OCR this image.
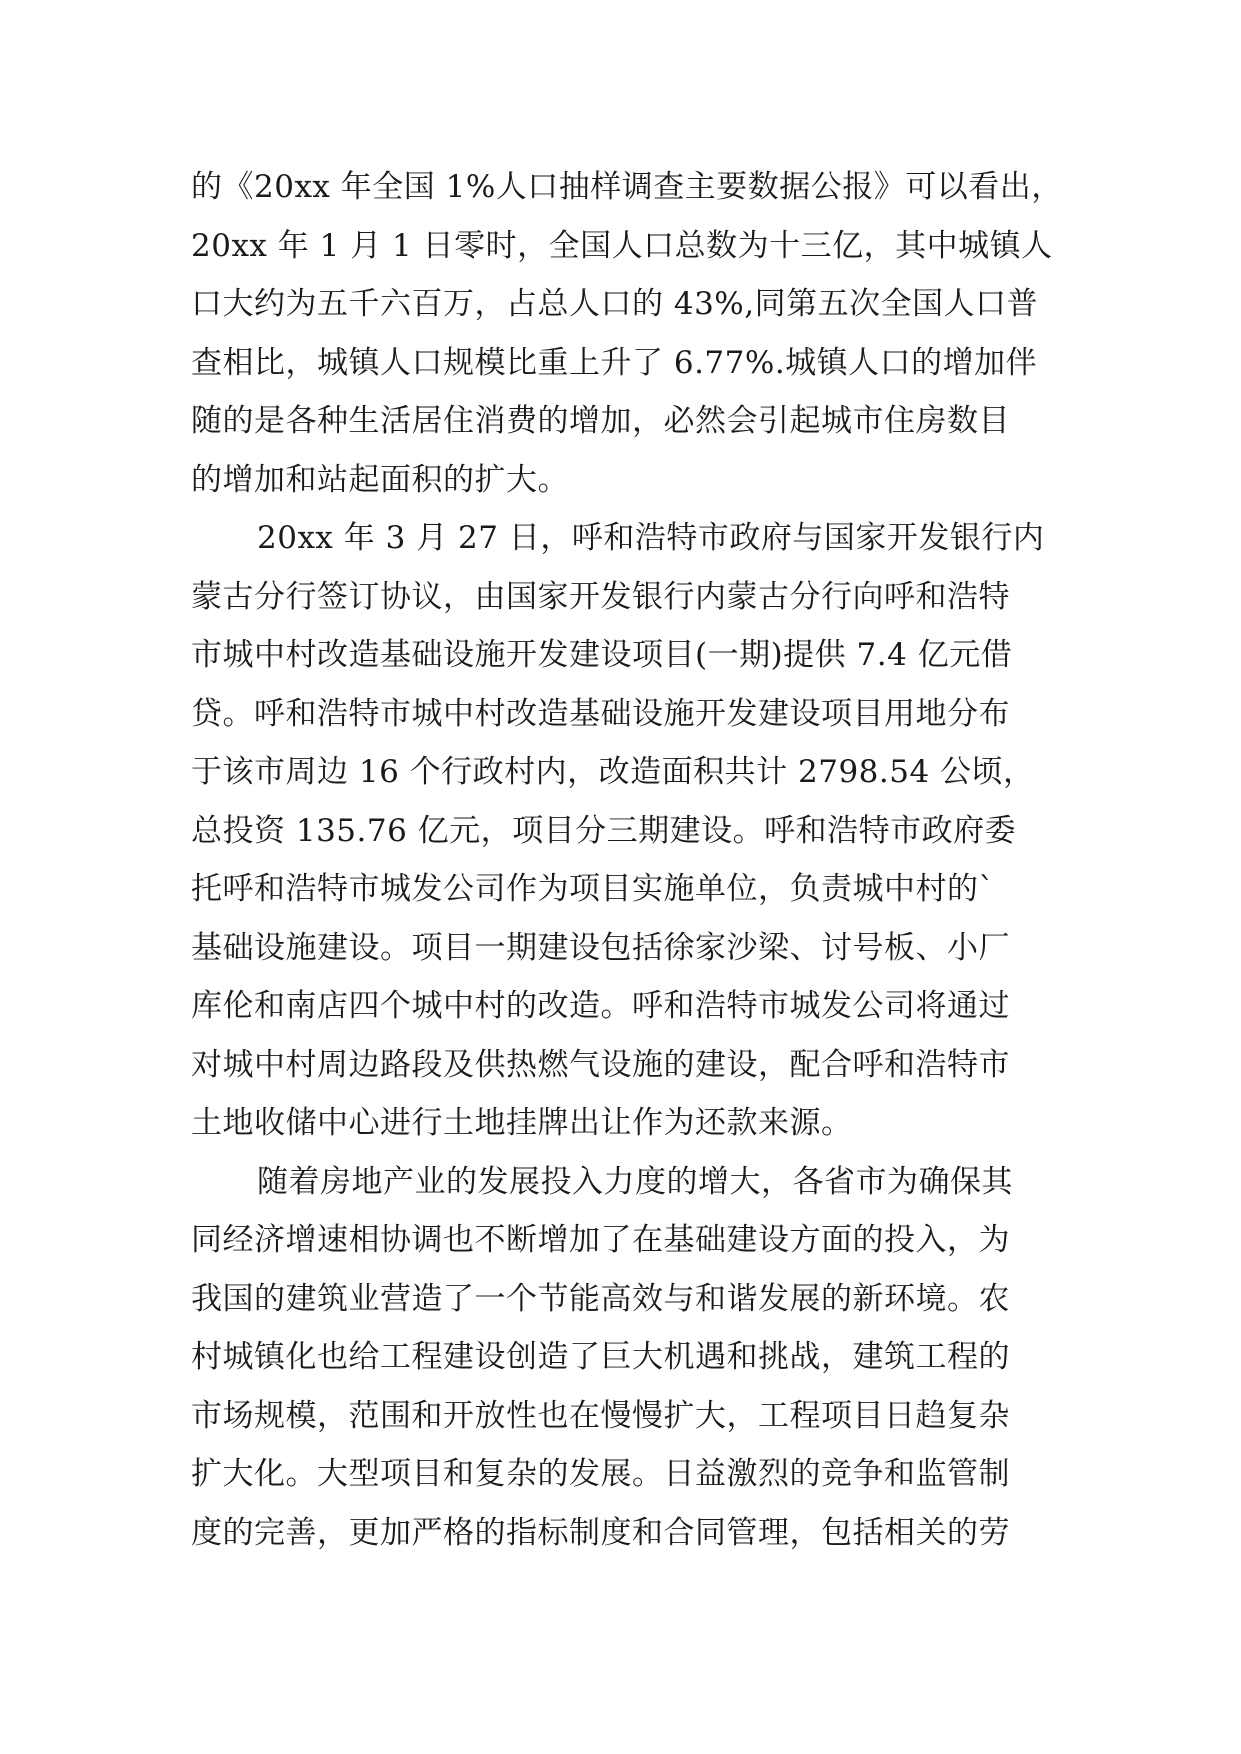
的《20xx 年全国 1%人口抽样调查主要数据公报》可以看出，
20xx 年 1 月 1 日零时，全国人口总数为十三亿，其中城镇人
口大约为五千六百万，占总人口的 43%,同第五次全国人口普
查相比，城镇人口规模比重上升了 6.77%.城镇人口的增加伴
随的是各种生活居住消费的增加，必然会引起城市住房数目
的增加和站起面积的扩大。
20xx 年 3 月 27 日，呼和浩特市政府与国家开发银行内
蒙古分行签订协议，由国家开发银行内蒙古分行向呼和浩特
市城中村改造基础设施开发建设项目(一期)提供 7.4 亿元借
贷。呼和浩特市城中村改造基础设施开发建设项目用地分布
于该市周边 16 个行政村内，改造面积共计 2798.54 公顷，
总投资 135.76 亿元，项目分三期建设。呼和浩特市政府委
托呼和浩特市城发公司作为项目实施单位，负责城中村的`
基础设施建设。项目一期建设包括徐家沙梁、讨号板、小厂
库伦和南店四个城中村的改造。呼和浩特市城发公司将通过
对城中村周边路段及供热燃气设施的建设，配合呼和浩特市
土地收储中心进行土地挂牌出让作为还款来源。
随着房地产业的发展投入力度的增大，各省市为确保其
同经济增速相协调也不断增加了在基础建设方面的投入，为
我国的建筑业营造了一个节能高效与和谐发展的新环境。农
村城镇化也给工程建设创造了巨大机遇和挑战，建筑工程的
市场规模，范围和开放性也在慢慢扩大，工程项目日趋复杂
扩大化。大型项目和复杂的发展。日益激烈的竞争和监管制
度的完善，更加严格的指标制度和合同管理，包括相关的劳
